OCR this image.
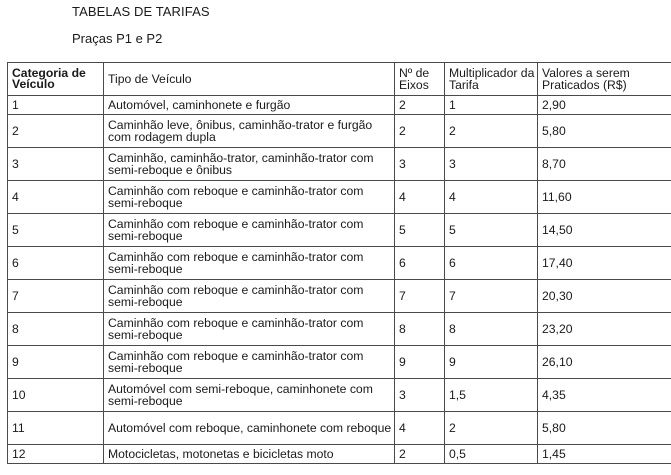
TABELAS DE TARIFAS
Praças P1 e P2
Categoria de Veículo	Tipo de Veículo	Nº de Eixos	Multiplicador da Tarifa	Valores a serem Praticados (R$)
1	Automóvel, caminhonete e furgão	2	1	2,90
2	Caminhão leve, ônibus, caminhão-trator e furgão com rodagem dupla	2	2	5,80
3	Caminhão, caminhão-trator, caminhão-trator com semi-reboque e ônibus	3	3	8,70
4	Caminhão com reboque e caminhão-trator com semi-reboque	4	4	11,60
5	Caminhão com reboque e caminhão-trator com semi-reboque	5	5	14,50
6	Caminhão com reboque e caminhão-trator com semi-reboque	6	6	17,40
7	Caminhão com reboque e caminhão-trator com semi-reboque	7	7	20,30
8	Caminhão com reboque e caminhão-trator com semi-reboque	8	8	23,20
9	Caminhão com reboque e caminhão-trator com semi-reboque	9	9	26,10
10	Automóvel com semi-reboque, caminhonete com semi-reboque	3	1,5	4,35
11	Automóvel com reboque, caminhonete com reboque	4	2	5,80
12	Motocicletas, motonetas e bicicletas moto	2	0,5	1,45
